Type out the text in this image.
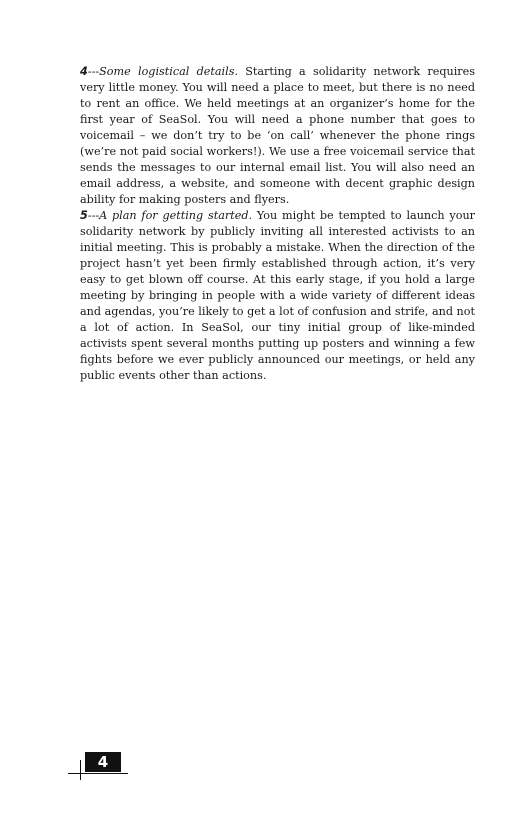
4---Some logistical details. Starting a solidarity network requires very little money. You will need a place to meet, but there is no need to rent an office. We held meetings at an organizer’s home for the first year of SeaSol. You will need a phone number that goes to voicemail – we don’t try to be ‘on call’ whenever the phone rings (we’re not paid social workers!). We use a free voicemail service that sends the messages to our internal email list. You will also need an email address, a website, and someone with decent graphic design ability for making posters and flyers.
5---A plan for getting started. You might be tempted to launch your solidarity network by publicly inviting all interested activists to an initial meeting. This is probably a mistake. When the direction of the project hasn’t yet been firmly established through action, it’s very easy to get blown off course. At this early stage, if you hold a large meeting by bringing in people with a wide variety of different ideas and agendas, you’re likely to get a lot of confusion and strife, and not a lot of action. In SeaSol, our tiny initial group of like-minded activists spent several months putting up posters and winning a few fights before we ever publicly announced our meetings, or held any public events other than actions.
4
